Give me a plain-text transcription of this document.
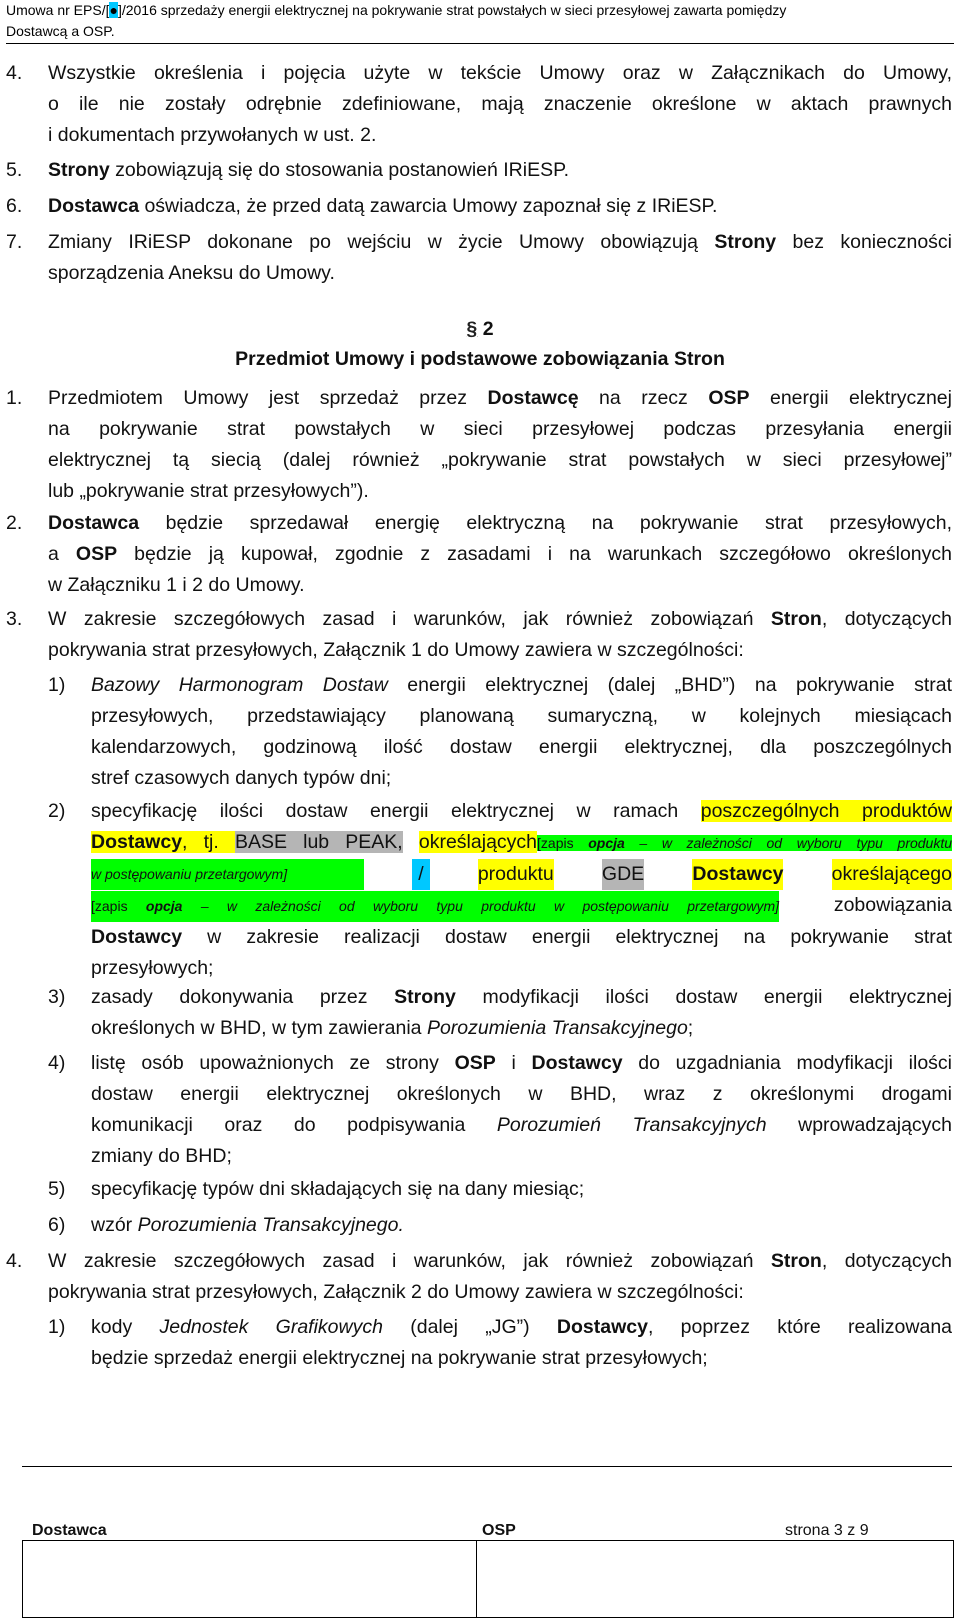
Umowa nr EPS/[●]/2016 sprzedaży energii elektrycznej na pokrywanie strat powstałych w sieci przesyłowej zawarta pomiędzy
Dostawcą a OSP.
4. Wszystkie określenia i pojęcia użyte w tekście Umowy oraz w Załącznikach do Umowy,
o ile nie zostały odrębnie zdefiniowane, mają znaczenie określone w aktach prawnych
i dokumentach przywołanych w ust. 2.
5. Strony zobowiązują się do stosowania postanowień IRiESP.
6. Dostawca oświadcza, że przed datą zawarcia Umowy zapoznał się z IRiESP.
7. Zmiany IRiESP dokonane po wejściu w życie Umowy obowiązują Strony bez konieczności
sporządzenia Aneksu do Umowy.
§ 2
Przedmiot Umowy i podstawowe zobowiązania Stron
1. Przedmiotem Umowy jest sprzedaż przez Dostawcę na rzecz OSP energii elektrycznej
na pokrywanie strat powstałych w sieci przesyłowej podczas przesyłania energii
elektrycznej tą siecią (dalej również „pokrywanie strat powstałych w sieci przesyłowej”
lub „pokrywanie strat przesyłowych”).
2. Dostawca będzie sprzedawał energię elektryczną na pokrywanie strat przesyłowych,
a OSP będzie ją kupował, zgodnie z zasadami i na warunkach szczegółowo określonych
w Załączniku 1 i 2 do Umowy.
3. W zakresie szczegółowych zasad i warunków, jak również zobowiązań Stron, dotyczących
pokrywania strat przesyłowych, Załącznik 1 do Umowy zawiera w szczególności:
1) Bazowy Harmonogram Dostaw energii elektrycznej (dalej „BHD”) na pokrywanie strat
przesyłowych, przedstawiający planowaną sumaryczną, w kolejnych miesiącach
kalendarzowych, godzinową ilość dostaw energii elektrycznej, dla poszczególnych
stref czasowych danych typów dni;
2) specyfikację ilości dostaw energii elektrycznej w ramach poszczególnych produktów
Dostawcy, tj. BASE lub PEAK, określających[zapis opcja – w zależności od wyboru typu produktu
w postępowaniu przetargowym]	/	produktu GDE Dostawcy określającego
[zapis opcja – w zależności od wyboru typu produktu w postępowaniu przetargowym]	zobowiązania
Dostawcy w zakresie realizacji dostaw energii elektrycznej na pokrywanie strat
przesyłowych;
3) zasady dokonywania przez Strony modyfikacji ilości dostaw energii elektrycznej
określonych w BHD, w tym zawierania Porozumienia Transakcyjnego;
4) listę osób upoważnionych ze strony OSP i Dostawcy do uzgadniania modyfikacji ilości
dostaw energii elektrycznej określonych w BHD, wraz z określonymi drogami
komunikacji oraz do podpisywania Porozumień Transakcyjnych wprowadzających
zmiany do BHD;
5) specyfikację typów dni składających się na dany miesiąc;
6) wzór Porozumienia Transakcyjnego.
4. W zakresie szczegółowych zasad i warunków, jak również zobowiązań Stron, dotyczących
pokrywania strat przesyłowych, Załącznik 2 do Umowy zawiera w szczególności:
1) kody Jednostek Grafikowych (dalej „JG”) Dostawcy, poprzez które realizowana
będzie sprzedaż energii elektrycznej na pokrywanie strat przesyłowych;
Dostawca	OSP	strona 3 z 9
